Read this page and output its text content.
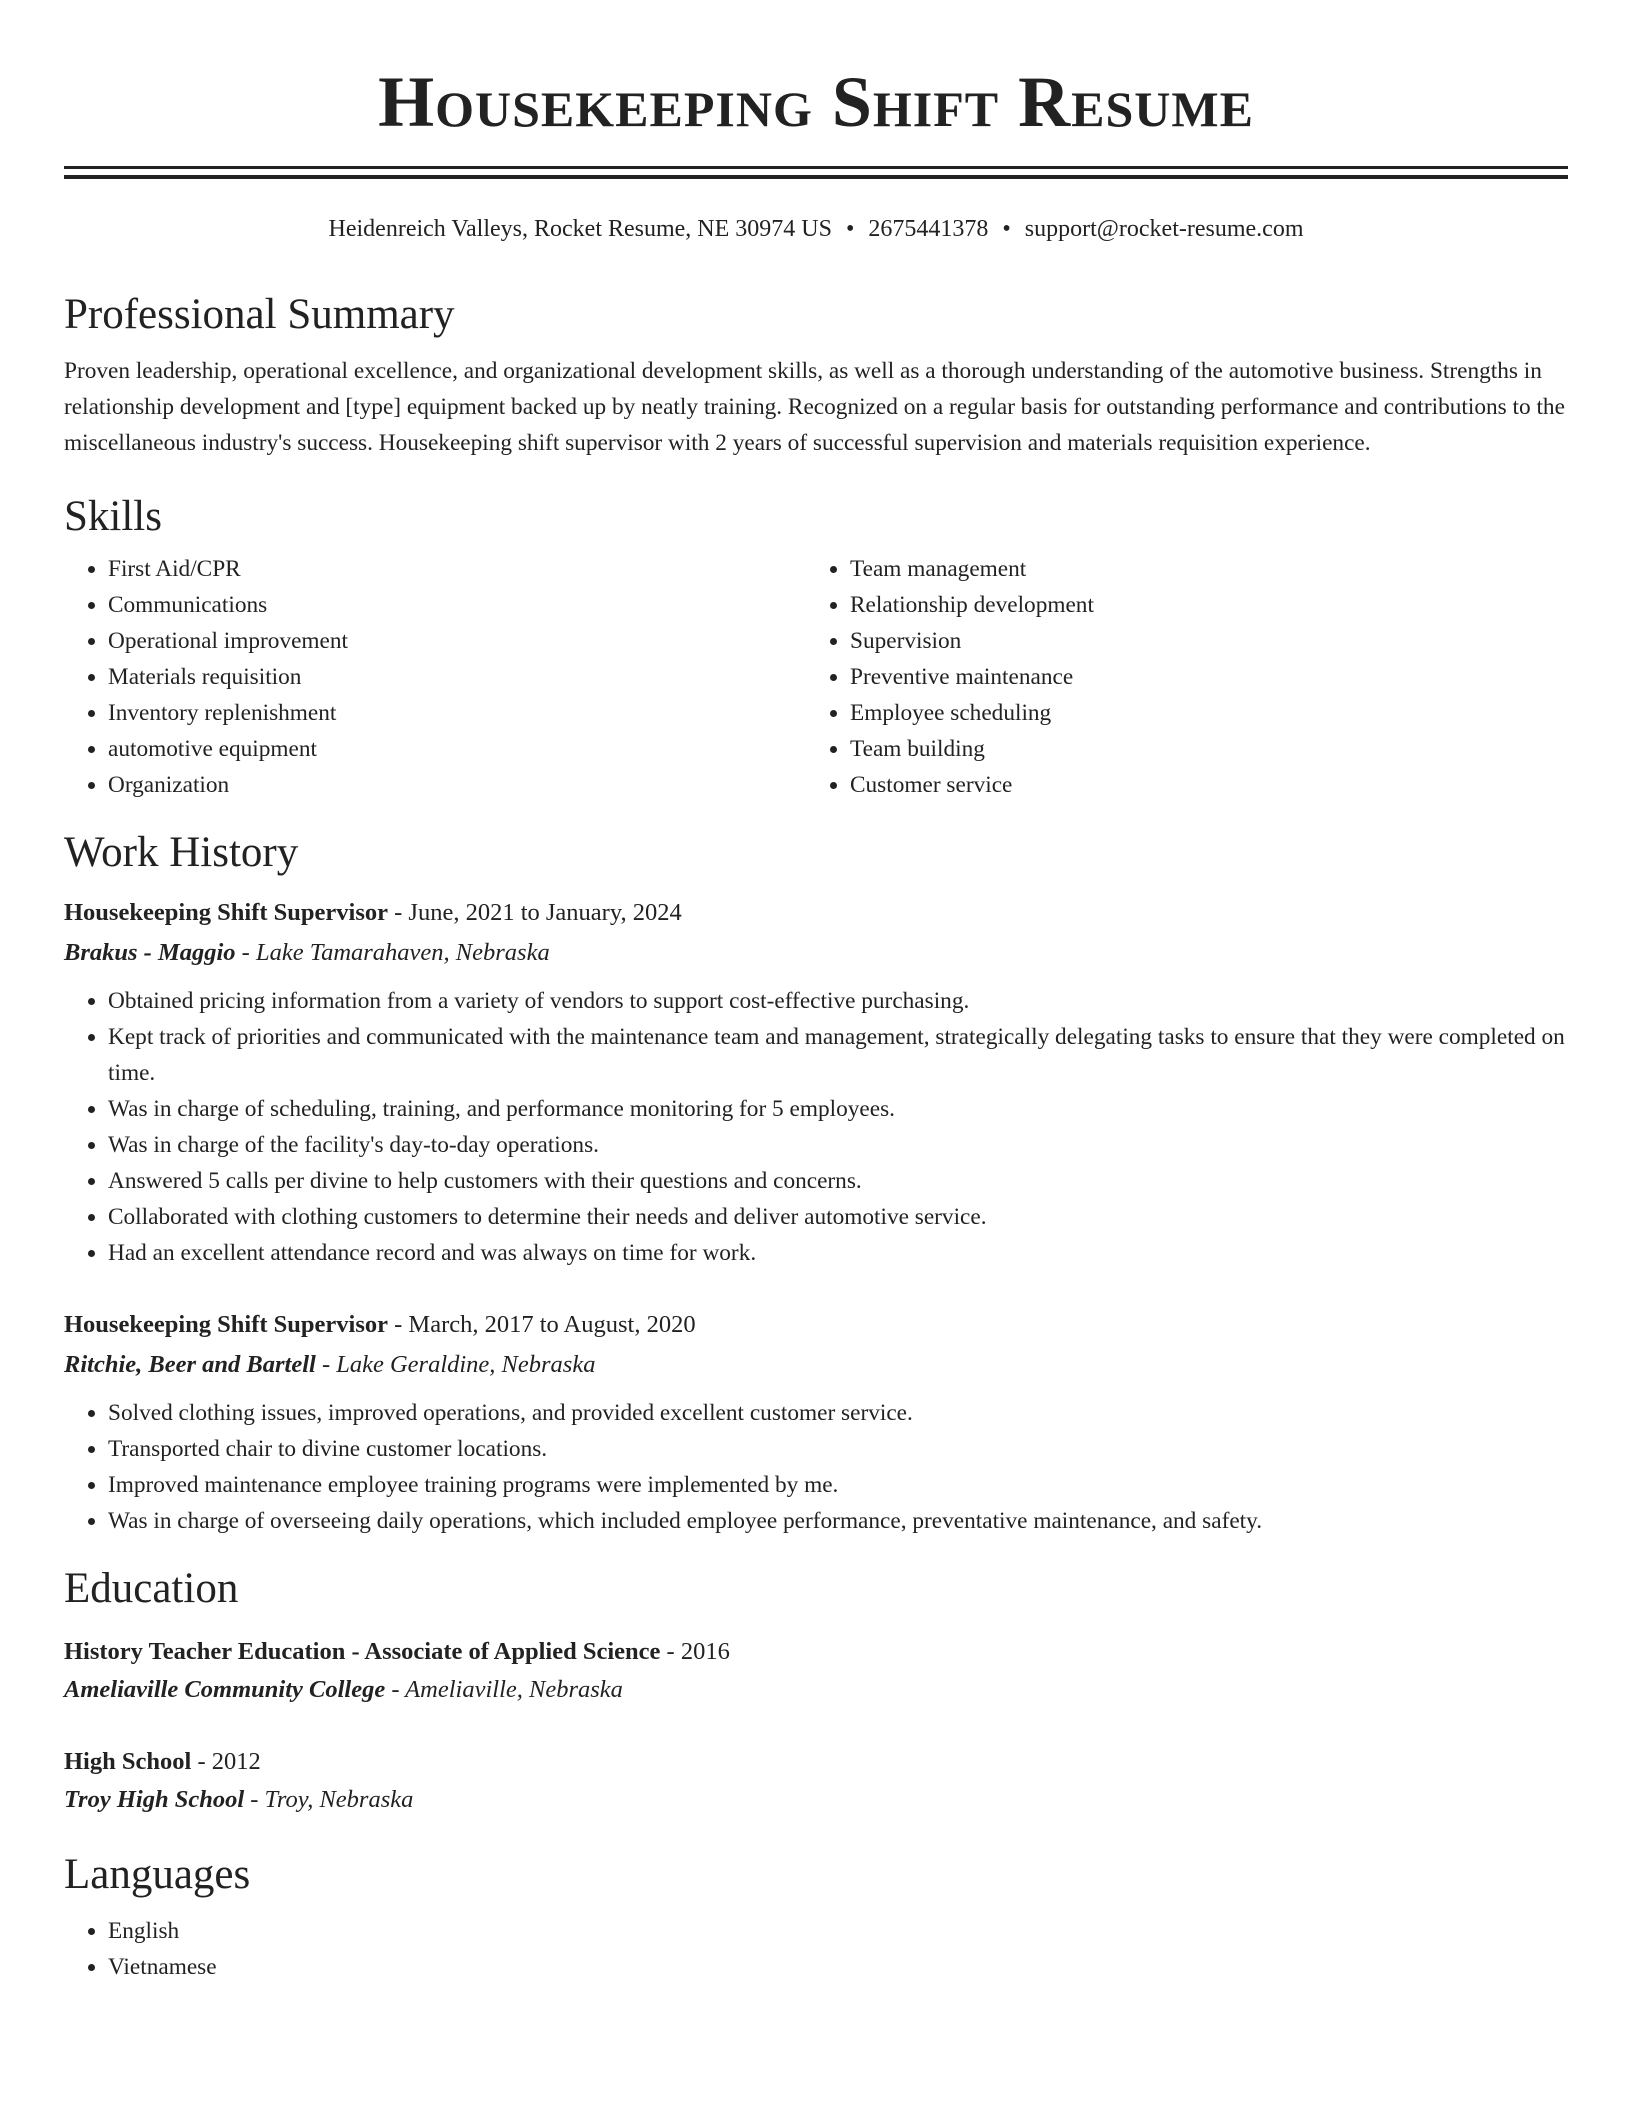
Housekeeping Shift Resume
Heidenreich Valleys, Rocket Resume, NE 30974 US • 2675441378 • support@rocket-resume.com
Professional Summary

Proven leadership, operational excellence, and organizational development skills, as well as a thorough understanding of the automotive business. Strengths in relationship development and [type] equipment backed up by neatly training. Recognized on a regular basis for outstanding performance and contributions to the miscellaneous industry's success. Housekeeping shift supervisor with 2 years of successful supervision and materials requisition experience.

Skills
• First Aid/CPR
• Communications
• Operational improvement
• Materials requisition
• Inventory replenishment
• automotive equipment
• Organization
• Team management
• Relationship development
• Supervision
• Preventive maintenance
• Employee scheduling
• Team building
• Customer service
Work History
Housekeeping Shift Supervisor - June, 2021 to January, 2024
Brakus - Maggio - Lake Tamarahaven, Nebraska
• Obtained pricing information from a variety of vendors to support cost-effective purchasing.
• Kept track of priorities and communicated with the maintenance team and management, strategically delegating tasks to ensure that they were completed on time.
• Was in charge of scheduling, training, and performance monitoring for 5 employees.
• Was in charge of the facility's day-to-day operations.
• Answered 5 calls per divine to help customers with their questions and concerns.
• Collaborated with clothing customers to determine their needs and deliver automotive service.
• Had an excellent attendance record and was always on time for work.
Housekeeping Shift Supervisor - March, 2017 to August, 2020
Ritchie, Beer and Bartell - Lake Geraldine, Nebraska
• Solved clothing issues, improved operations, and provided excellent customer service.
• Transported chair to divine customer locations.
• Improved maintenance employee training programs were implemented by me.
• Was in charge of overseeing daily operations, which included employee performance, preventative maintenance, and safety.
Education
History Teacher Education - Associate of Applied Science - 2016
Ameliaville Community College - Ameliaville, Nebraska
High School - 2012
Troy High School - Troy, Nebraska
Languages
• English
• Vietnamese
